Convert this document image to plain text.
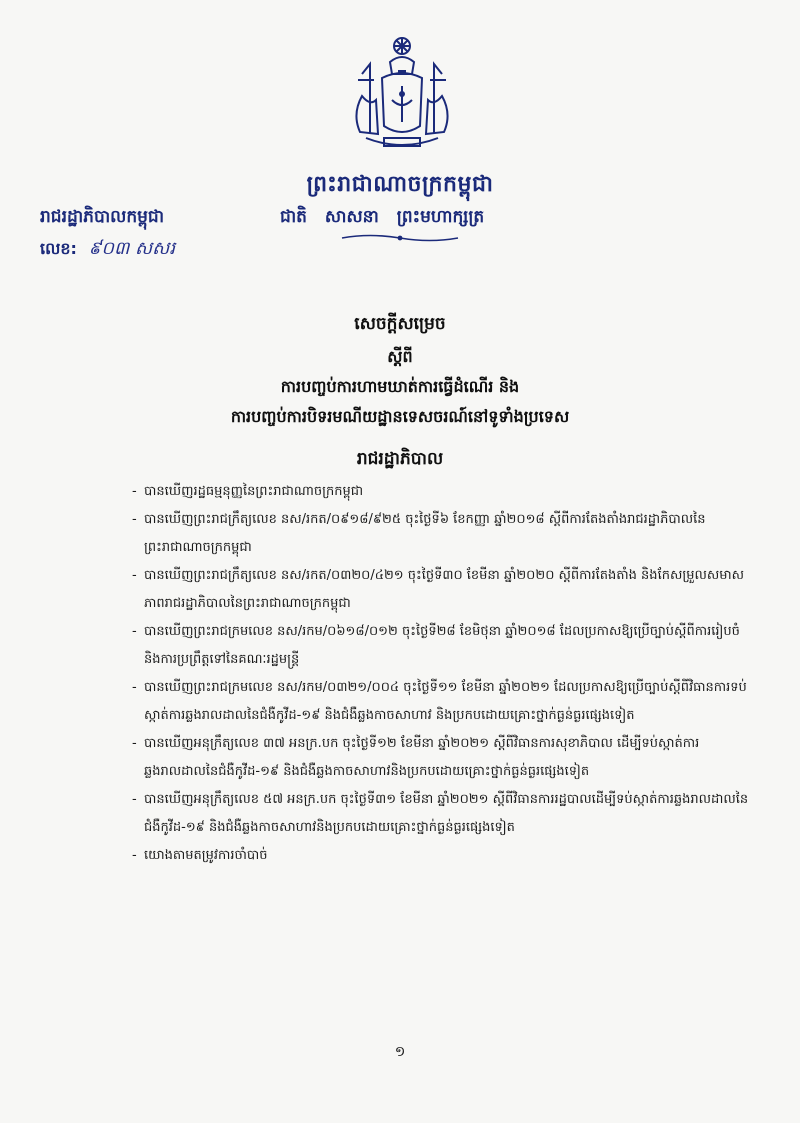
ព្រះរាជាណាចក្រកម្ពុជា
រាជរដ្ឋាភិបាលកម្ពុជា	ជាតិ សាសនា ព្រះមហាក្សត្រ
លេខ: ៩០៣ សសរ
សេចក្តីសម្រេច
ស្តីពី
ការបញ្ចប់ការហាមឃាត់ការធ្វើដំណើរ និង
ការបញ្ចប់ការបិទរមណីយដ្ឋានទេសចរណ៍នៅទូទាំងប្រទេស
រាជរដ្ឋាភិបាល
- បានឃើញរដ្ឋធម្មនុញ្ញនៃព្រះរាជាណាចក្រកម្ពុជា
- បានឃើញព្រះរាជក្រឹត្យលេខ នស/រកត/០៩១៨/៩២៥ ចុះថ្ងៃទី៦ ខែកញ្ញា ឆ្នាំ២០១៨ ស្តីពីការតែងតាំងរាជរដ្ឋាភិបាលនៃព្រះរាជាណាចក្រកម្ពុជា
- បានឃើញព្រះរាជក្រឹត្យលេខ នស/រកត/០៣២០/៤២១ ចុះថ្ងៃទី៣០ ខែមីនា ឆ្នាំ២០២០ ស្តីពីការតែងតាំង និងកែសម្រួលសមាសភាពរាជរដ្ឋាភិបាលនៃព្រះរាជាណាចក្រកម្ពុជា
- បានឃើញព្រះរាជក្រមលេខ នស/រកម/០៦១៨/០១២ ចុះថ្ងៃទី២៨ ខែមិថុនា ឆ្នាំ២០១៨ ដែលប្រកាសឱ្យប្រើច្បាប់ស្តីពីការរៀបចំ និងការប្រព្រឹត្តទៅនៃគណៈរដ្ឋមន្ត្រី
- បានឃើញព្រះរាជក្រមលេខ នស/រកម/០៣២១/០០៤ ចុះថ្ងៃទី១១ ខែមីនា ឆ្នាំ២០២១ ដែលប្រកាសឱ្យប្រើច្បាប់ស្តីពីវិធានការទប់ស្កាត់ការឆ្លងរាលដាលនៃជំងឺកូវីដ-១៩ និងជំងឺឆ្លងកាចសាហាវ និងប្រកបដោយគ្រោះថ្នាក់ធ្ងន់ធ្ងរផ្សេងទៀត
- បានឃើញអនុក្រឹត្យលេខ ៣៧ អនក្រ.បក ចុះថ្ងៃទី១២ ខែមីនា ឆ្នាំ២០២១ ស្តីពីវិធានការសុខាភិបាល ដើម្បីទប់ស្កាត់ការឆ្លងរាលដាលនៃជំងឺកូវីដ-១៩ និងជំងឺឆ្លងកាចសាហាវនិងប្រកបដោយគ្រោះថ្នាក់ធ្ងន់ធ្ងរផ្សេងទៀត
- បានឃើញអនុក្រឹត្យលេខ ៥៧ អនក្រ.បក ចុះថ្ងៃទី៣១ ខែមីនា ឆ្នាំ២០២១ ស្តីពីវិធានការរដ្ឋបាលដើម្បីទប់ស្កាត់ការឆ្លងរាលដាលនៃជំងឺកូវីដ-១៩ និងជំងឺឆ្លងកាចសាហាវនិងប្រកបដោយគ្រោះថ្នាក់ធ្ងន់ធ្ងរផ្សេងទៀត
- យោងតាមតម្រូវការចាំបាច់
១
